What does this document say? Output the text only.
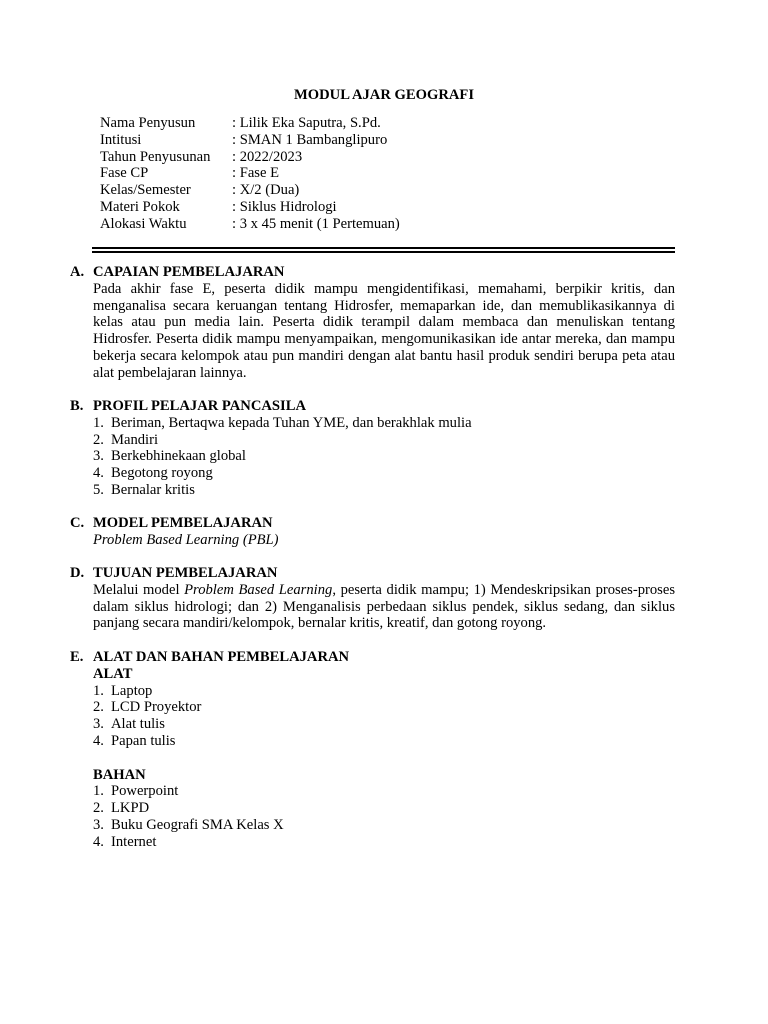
MODUL AJAR GEOGRAFI
Nama Penyusun	: Lilik Eka Saputra, S.Pd.
Intitusi	: SMAN 1 Bambanglipuro
Tahun Penyusunan	: 2022/2023
Fase CP	: Fase E
Kelas/Semester	: X/2 (Dua)
Materi Pokok	: Siklus Hidrologi
Alokasi Waktu	: 3 x 45 menit (1 Pertemuan)
A. CAPAIAN PEMBELAJARAN
Pada akhir fase E, peserta didik mampu mengidentifikasi, memahami, berpikir kritis, dan menganalisa secara keruangan tentang Hidrosfer, memaparkan ide, dan memublikasikannya di kelas atau pun media lain. Peserta didik terampil dalam membaca dan menuliskan tentang Hidrosfer. Peserta didik mampu menyampaikan, mengomunikasikan ide antar mereka, dan mampu bekerja secara kelompok atau pun mandiri dengan alat bantu hasil produk sendiri berupa peta atau alat pembelajaran lainnya.
B. PROFIL PELAJAR PANCASILA
1. Beriman, Bertaqwa kepada Tuhan YME, dan berakhlak mulia
2. Mandiri
3. Berkebhinekaan global
4. Begotong royong
5. Bernalar kritis
C. MODEL PEMBELAJARAN
Problem Based Learning (PBL)
D. TUJUAN PEMBELAJARAN
Melalui model Problem Based Learning, peserta didik mampu; 1) Mendeskripsikan proses-proses dalam siklus hidrologi; dan 2) Menganalisis perbedaan siklus pendek, siklus sedang, dan siklus panjang secara mandiri/kelompok, bernalar kritis, kreatif, dan gotong royong.
E. ALAT DAN BAHAN PEMBELAJARAN
ALAT
1. Laptop
2. LCD Proyektor
3. Alat tulis
4. Papan tulis
BAHAN
1. Powerpoint
2. LKPD
3. Buku Geografi SMA Kelas X
4. Internet
